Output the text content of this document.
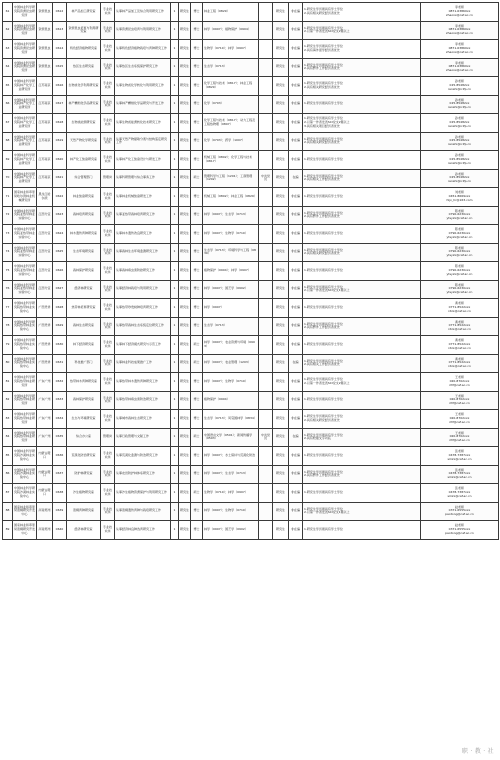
61	中国林业科学研究院资源昆虫研究所	资源昆虫	0612	林产品加工研究室	专业技术岗	从事林产品加工及综合利用研究工作	1	研究生	博士	林业工程（0829）		研究生	非在编	1.研究生学历须具有学士学位
2.具有相关研究经历者优先	李老师
0871-63860xx
zhaoxx@caf.ac.cn
62	中国林业科学研究院资源昆虫研究所	资源昆虫	0613	资源昆虫培育与利用研究室	专业技术岗	从事资源昆虫培育与利用研究工作	1	研究生	博士	林学（0907）；植物保护（0904）		研究生	非在编	1.研究生学历须具有学士学位
2.以第一作者发表SCI论文2篇以上	李老师
0871-63860xx
zhaoxx@caf.ac.cn
63	中国林业科学研究院资源昆虫研究所	资源昆虫	0614	特色经济植物研究室	专业技术岗	从事特色经济植物栽培与育种研究工作	1	研究生	博士	生物学（0710）；林学（0907）		研究生	非在编	1.研究生学历须具有学士学位
2.具有海外留学经历者优先	李老师
0871-63860xx
zhaoxx@caf.ac.cn
64	中国林业科学研究院资源昆虫研究所	资源昆虫	0615	热区生态研究室	专业技术岗	从事热区生态系统保护研究工作	1	研究生	博士	生态学（0713）		研究生	非在编	1.研究生学历须具有学士学位
2.具有野外工作经历者优先	李老师
0871-63860xx
zhaoxx@caf.ac.cn
65	中国林业科学研究院林产化学工业研究所	江苏南京	0616	生物质化学利用研究室	专业技术岗	从事生物质化学转化与利用研究工作	1	研究生	博士	化学工程与技术（0817）；林业工程（0829）		研究生	非在编	1.研究生学历须具有学士学位
2.具有相关研究经历者优先	孙老师
025-85482xx
renshi@icifp.cn
66	中国林业科学研究院林产化学工业研究所	江苏南京	0617	林产精细化学品研究室	专业技术岗	从事林产精细化学品研究与开发工作	1	研究生	博士	化学（0703）		研究生	非在编	1.研究生学历须具有学士学位	孙老师
025-85482xx
renshi@icifp.cn
67	中国林业科学研究院林产化学工业研究所	江苏南京	0618	生物质能源研究室	专业技术岗	从事生物质能源转化技术研究工作	1	研究生	博士	化学工程与技术（0817）；动力工程及工程热物理（0807）		研究生	非在编	1.研究生学历须具有学士学位
2.以第一作者发表SCI论文2篇以上
3.具有相关项目经历者优先	孙老师
025-85482xx
renshi@icifp.cn
68	中国林业科学研究院林产化学工业研究所	江苏南京	0619	天然产物化学研究室	专业技术岗	从事天然产物提取分离与结构鉴定研究工作	1	研究生	博士	化学（0703）；药学（1007）		研究生	非在编	1.研究生学历须具有学士学位
2.具有相关研究经历者优先	孙老师
025-85482xx
renshi@icifp.cn
69	中国林业科学研究院林产化学工业研究所	江苏南京	0620	林产化工装备研究室	专业技术岗	从事林产化工装备设计与研发工作	1	研究生	博士	机械工程（0802）；化学工程与技术（0817）		研究生	非在编	1.研究生学历须具有学士学位	孙老师
025-85482xx
renshi@icifp.cn
70	中国林业科学研究院林产化学工业研究所	江苏南京	0621	综合管理部门	管理岗	从事科研管理与综合事务工作	1	研究生	硕士	管理科学与工程（1201）；工商管理（1202）	中共党员	研究生	在编	1.研究生学历须具有学士学位
2.具有相关工作经历者优先	孙老师
025-85482xx
renshi@icifp.cn
71	国家林业和草原局哈尔滨林业机械研究所	黑龙江哈尔滨	0622	林业装备研究室	专业技术岗	从事林业机械装备研发工作	1	研究生	博士	机械工程（0802）；林业工程（0829）		研究生	非在编	1.研究生学历须具有学士学位	刘老师
0451-8669xxx
hljx_hr@163.com
72	中国林业科学研究院亚热带林业实验中心	江西分宜	0623	森林培育研究室	专业技术岗	从事亚热带森林培育研究工作	1	研究生	博士	林学（0907）；生态学（0713）		研究生	非在编	1.研究生学历须具有学士学位
2.具有野外工作经历者优先	陈老师
0790-6230xxx
ytsyzx@caf.ac.cn
73	中国林业科学研究院亚热带林业实验中心	江西分宜	0624	林木遗传育种研究室	专业技术岗	从事林木遗传改良研究工作	1	研究生	博士	林学（0907）；生物学（0710）		研究生	非在编	1.研究生学历须具有学士学位	陈老师
0790-6230xxx
ytsyzx@caf.ac.cn
74	中国林业科学研究院亚热带林业实验中心	江西分宜	0625	生态环境研究室	专业技术岗	从事森林生态环境监测研究工作	1	研究生	博士	生态学（0713）；环境科学与工程（0830）		研究生	非在编	1.研究生学历须具有学士学位
2.具有相关研究经历者优先	陈老师
0790-6230xxx
ytsyzx@caf.ac.cn
75	中国林业科学研究院亚热带林业实验中心	江西分宜	0626	森林保护研究室	专业技术岗	从事森林病虫害防控研究工作	1	研究生	博士	植物保护（0904）；林学（0907）		研究生	非在编	1.研究生学历须具有学士学位	陈老师
0790-6230xxx
ytsyzx@caf.ac.cn
76	中国林业科学研究院亚热带林业实验中心	江西分宜	0627	经济林研究室	专业技术岗	从事经济林栽培与利用研究工作	1	研究生	博士	林学（0907）；园艺学（0902）		研究生	非在编	1.研究生学历须具有学士学位
2.以第一作者发表SCI论文1篇以上	陈老师
0790-6230xxx
ytsyzx@caf.ac.cn
77	中国林业科学研究院热带林业实验中心	广西凭祥	0628	热带林培育研究室	专业技术岗	从事热带珍贵树种培育研究工作	1	研究生	博士	林学（0907）		研究生	非在编	1.研究生学历须具有学士学位	黄老师
0771-8522xxx
rdzx@caf.ac.cn
78	中国林业科学研究院热带林业实验中心	广西凭祥	0629	森林生态研究室	专业技术岗	从事热带森林生态系统定位研究工作	1	研究生	博士	生态学（0713）		研究生	非在编	1.研究生学历须具有学士学位
2.具有野外工作经历者优先	黄老师
0771-8522xxx
rdzx@caf.ac.cn
79	中国林业科学研究院热带林业实验中心	广西凭祥	0630	林下经济研究室	专业技术岗	从事林下经济模式研究与示范工作	1	研究生	硕士	林学（0907）；农业资源与环境（0903）		研究生	非在编	1.研究生学历须具有学士学位	黄老师
0771-8522xxx
rdzx@caf.ac.cn
80	中国林业科学研究院热带林业实验中心	广西凭祥	0631	科技推广部门	专业技术岗	从事林业科技成果推广工作	1	研究生	硕士	林学（0907）；农业管理（1203）		研究生	在编	1.研究生学历须具有学士学位
2.具有相关工作经历者优先	黄老师
0771-8522xxx
rdzx@caf.ac.cn
81	中国林业科学研究院热带林业研究所	广东广州	0632	热带林木育种研究室	专业技术岗	从事热带林木遗传育种研究工作	1	研究生	博士	林学（0907）；生物学（0710）		研究生	非在编	1.研究生学历须具有学士学位
2.以第一作者发表SCI论文2篇以上	王老师
020-8702xxx
ritf@caf.ac.cn
82	中国林业科学研究院热带林业研究所	广东广州	0633	森林保护研究室	专业技术岗	从事热带林病虫害防治研究工作	1	研究生	博士	植物保护（0904）		研究生	非在编	1.研究生学历须具有学士学位	王老师
020-8702xxx
ritf@caf.ac.cn
83	中国林业科学研究院热带林业研究所	广东广州	0634	生态与环境研究室	专业技术岗	从事城市森林生态研究工作	1	研究生	博士	生态学（0713）；风景园林学（0834）		研究生	非在编	1.研究生学历须具有学士学位
2.具有相关研究经历者优先	王老师
020-8702xxx
ritf@caf.ac.cn
84	中国林业科学研究院热带林业研究所	广东广州	0635	综合办公室	管理岗	从事行政管理与文秘工作	1	研究生	硕士	中国语言文学（0501）；新闻传播学（0503）	中共党员	研究生	在编	1.研究生学历须具有学士学位
2.具有较强文字功底	王老师
020-8702xxx
ritf@caf.ac.cn
85	中国林业科学研究院沙漠林业实验中心	内蒙古磴口	0636	荒漠化防治研究室	专业技术岗	从事荒漠化监测与防治研究工作	1	研究生	博士	林学（0907）；水土保持与荒漠化防治		研究生	非在编	1.研究生学历须具有学士学位	张老师
0478-7387xxx
smzx@caf.ac.cn
86	中国林业科学研究院沙漠林业实验中心	内蒙古磴口	0637	防护林研究室	专业技术岗	从事农田防护林体系研究工作	1	研究生	博士	林学（0907）；生态学（0713）		研究生	非在编	1.研究生学历须具有学士学位
2.具有野外工作经历者优先	张老师
0478-7387xxx
smzx@caf.ac.cn
87	中国林业科学研究院沙漠林业实验中心	内蒙古磴口	0638	沙生植物研究室	专业技术岗	从事沙生植物资源保护与利用研究工作	1	研究生	硕士	生物学（0710）；林学（0907）		研究生	非在编	1.研究生学历须具有学士学位	张老师
0478-7387xxx
smzx@caf.ac.cn
88	国家林业和草原局泡桐研究开发中心	河南郑州	0639	泡桐育种研究室	专业技术岗	从事泡桐遗传育种与栽培研究工作	1	研究生	博士	林学（0907）；生物学（0710）		研究生	非在编	1.研究生学历须具有学士学位
2.以第一作者发表SCI论文1篇以上	赵老师
0371-6555xxx
paotong@caf.ac.cn
89	国家林业和草原局泡桐研究开发中心	河南郑州	0640	经济林研究室	专业技术岗	从事经济林良种选育研究工作	1	研究生	博士	林学（0907）；园艺学（0902）		研究生	非在编	1.研究生学历须具有学士学位	赵老师
0371-6555xxx
paotong@caf.ac.cn
职 · 教 · 社
